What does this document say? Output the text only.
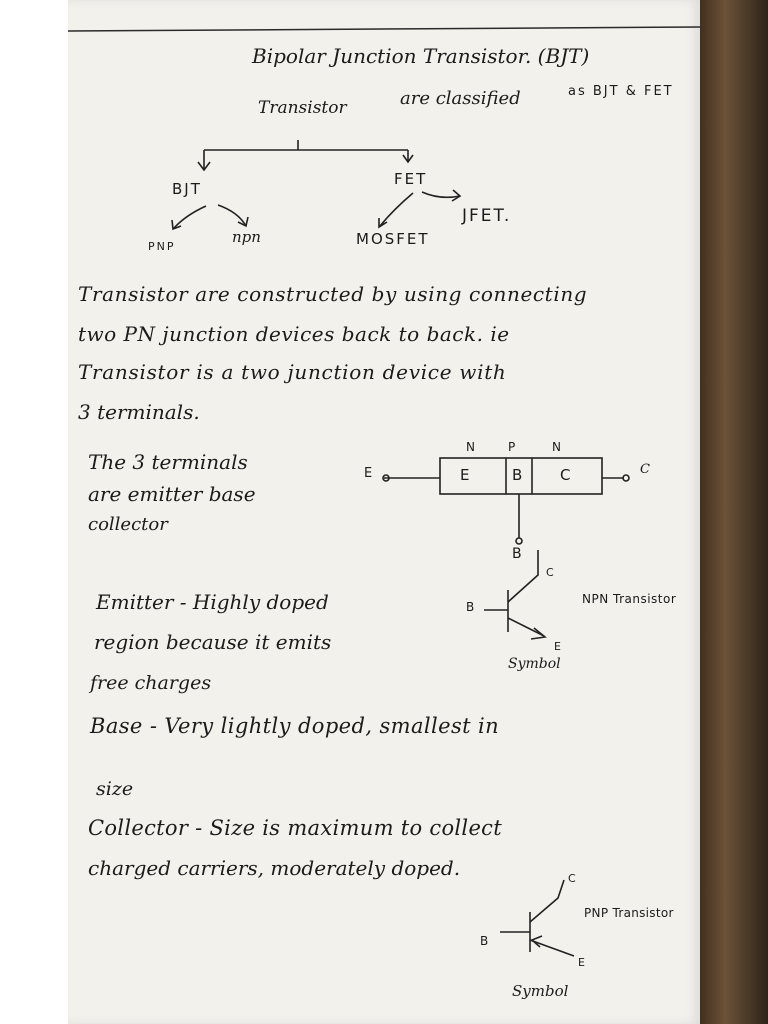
Bipolar Junction Transistor. (BJT)
Transistor	are classified	as BJT & FET
BJT
FET
PNP
npn	MOSFET
JFET.
Transistor are constructed by using connecting
two PN junction devices back to back. ie
Transistor is a two junction device with
3 terminals.
The 3 terminals
are emitter base
collector
N	P	N
E	B C
E	C
B
B
C
E
NPN Transistor
Symbol
Emitter - Highly doped
region because it emits
free charges
Base - Very lightly doped, smallest in
size
Collector - Size is maximum to collect
charged carriers, moderately doped.
B
C
E
PNP Transistor
Symbol
